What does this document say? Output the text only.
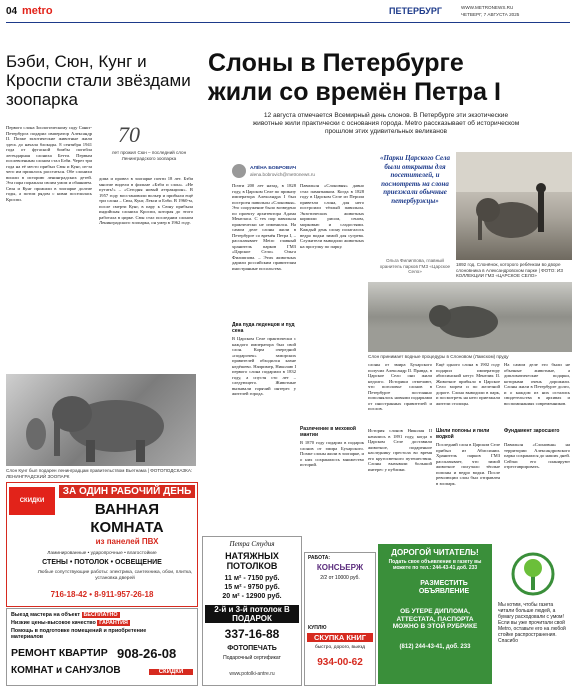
04 metro	ПЕТЕРБУРГ	WWW.METRONEWS.RU
ЧЕТВЕРГ, 7 АВГУСТА 2025
Бэби, Сюн, Кунг и Кроспи стали звёздами зоопарка
Первого слона Зоологическому саду Санкт-Петербурга подарил император Александр II. Позже экзотические животные жили здесь до начала блокады. 8 сентября 1941 года от фугасной бомбы погибла легендарная слониха Бетти. Первым послевоенным слоном стал Бэби. Через три года на её место прибыл Сюн и Кунг, из-за чего им пришлось расстаться. Обе слонихи вошли в историю ленинградских детей. Эта пара поражала своим умом и обаянием. Сюн и Кунг прожили в зоопарке долгие годы, а потом рядом с ними поселилась Кроспи.
70
лет прожил Сюн – последний слон Ленинградского зоопарка
дома и провел в зоопарке почти 18 лет. Бэби многие видели в фильме «Бэби и слон». «Не путать!» – «Сегодня новый аттракцион». В 1957 году восстановили вольер и прибыли ещё три слона – Сюн, Кунг, Лекси и Бэби. В 1960-м, после смерти Кунг, в пару к Сюну прибыла индийская слониха Кроспи, которая до этого работала в цирке. Сюн стал последним слоном Ленинградского зоопарка, он умер в 1962 году.
Слон Кунг был подарен ленинградцам правительством Вьетнама | ФОТОПОДСКАЗКА: ЛЕНИНГРАДСКИЙ ЗООПАРК
Слоны в Петербурге
жили со времён Петра I
12 августа отмечается Всемирный день слонов. В Петербурге эти экзотические животные жили практически с основания города. Metro рассказывает об историческом прошлом этих удивительных великанов
АЛЁНА БОБРОВИЧ
alena.bobrovich@metronews.ru
Почти 200 лет назад, в 1828 году, в Царском Селе по приказу императора Александра I был построен павильон «Слоновня». Это сооружение было возведено по проекту архитектора Адама Менеласа. С тех пор павильон практически не изменился. На самом деле слоны жили в Петербурге со времён Петра I, – рассказывает Metro главный хранитель парков ГМЗ «Царское Село» Ольга Филиппова. – Этих животных дарили российским правителям иностранные посольства.
Два пуда леденцов и пуд сена
В Царском Селе практически с каждого императора был свой слон. Корм очередной «подарочек» заморских правителей обходился казне недёшево. Например, Николаю I первого слона подарили в 1832 году, а спустя сто лет – следующего. Животные вызывали горячий интерес у жителей города.
Павильон «Слоновня» давно стал памятником. Когда в 1828 году в Царском Селе из Персии привезли слона, для него построили тёплый павильон. Экзотических животных кормили рисом, сеном, морковью и сладостями. Каждый день слону полагалось ведро водки зимой для сугрева. Служители выводили животных на прогулку по парку.
Разлечение в меховой мантии
В 1870 году подарил в подарок слонов от эмира Бухарского. Позже слоны жили в зоопарке, и о них сохранилось множество историй.
«Парки Царского Села были открыты для посетителей, и посмотреть на слона приезжали обычные петербуржцы»
Ольга Филиппова, главный хранитель парков ГМЗ «Царское Село»
1892 год. Слонёнок, которого ребёнком во дворе слоновника в Александровском парке | ФОТО: ИЗ КОЛЛЕКЦИИ ГМЗ «ЦАРСКОЕ СЕЛО»
Слон принимает водные процедуры в Слоновом (Ламском) пруду
слоны от эмира Бухарского получил Александр II. Правда, в Царское Село они жили недолго. Историки отмечают, что поголовье слонов в Петербурге постоянно пополнялось новыми подарками от иностранных правителей и послов.
История слонов Николая II начались в 1891 году, когда в Царском Селе доставили животное, подаренное наследнику престола во время его кругосветного путешествия. Слоны вызывали большой интерес у публики.
Ещё одного слона в 1902 году подарил императору абиссинский негус Менелик II. Животное прибыло в Царское Село морем и по железной дороге. Слона выводили в парк, и посмотреть на него приезжали жители столицы.
Шили попоны и пили водкой
Последний слон в Царском Селе прибыл из Абиссинии. Хранитель парков ГМЗ рассказывает, что зимой животное получало тёплые попоны и ведро водки. После революции слон был отправлен в зоопарк.
На самом деле это были не обычные животные, а дипломатические подарки, которыми очень дорожили. Слоны жили в Петербурге долго, и о каждом из них остались свидетельства в архивах и воспоминаниях современников.
Фундамент заросшего
Павильон «Слоновня» на территории Александровского парка сохранился до наших дней. Сейчас его планируют отреставрировать.
ЗА ОДИН РАБОЧИЙ ДЕНЬ
СКИДКИ	ВАННАЯ
КОМНАТА
из панелей ПВХ
Ламинированные • ударопрочные • влагостойкие
СТЕНЫ • ПОТОЛОК • ОСВЕЩЕНИЕ
Любые сопутствующие работы: электрика, сантехника, обои, плитка, установка дверей
716-18-42 • 8-911-957-26-18
Выезд мастера на объект БЕСПЛАТНО
Низкие цены-высокое качество ГАРАНТИЯ
Помощь в подготовке помещений и приобретение материалов
РЕМОНТ КВАРТИР 908-26-08
КОМНАТ и САНУЗЛОВ	СКИДКИ
Петра Студия
НАТЯЖНЫХ ПОТОЛКОВ
11 м² - 7150 руб.
15 м² - 9750 руб.
20 м² - 12900 руб.
2-й и 3-й потолок В ПОДАРОК
337-16-88
ФОТОПЕЧАТЬ
Подарочный сертификат
www.potolki-antre.ru
РАБОТА:
КОНСЬЕРЖ
2/2 от 10000 руб.
КУПЛЮ
СКУПКА КНИГ
быстро, дорого, выезд
934-00-62
ДОРОГОЙ ЧИТАТЕЛЬ!
Подать свое объявление в газету вы можете по тел.: 244-43-41 доб. 233
РАЗМЕСТИТЬ ОБЪЯВЛЕНИЕ
ОБ УТЕРЕ ДИПЛОМА, АТТЕСТАТА, ПАСПОРТА МОЖНО В ЭТОЙ РУБРИКЕ
(812) 244-43-41, доб. 233
Мы котим, чтобы газета читали больше людей, а бумагу расходовали с умом! Если вы уже прочитали свой Metro, оставьте его на любой стойке распространения. Спасибо
